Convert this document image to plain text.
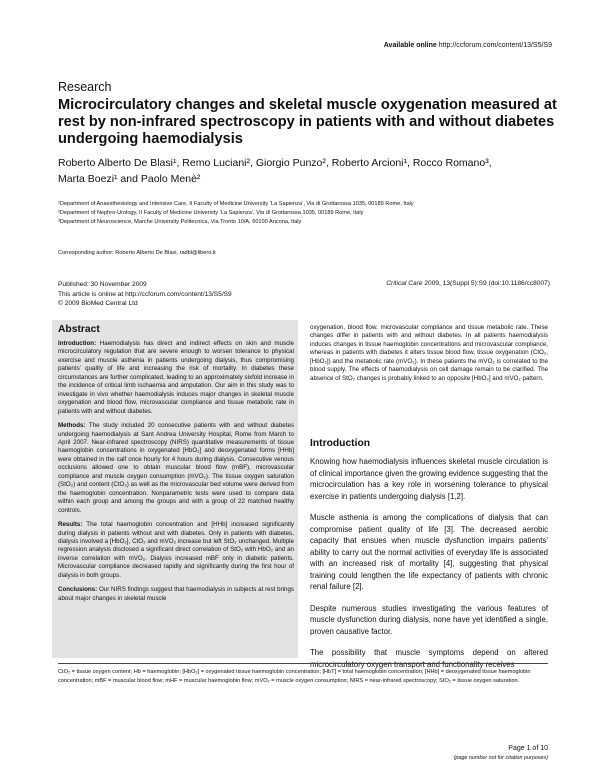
Available online http://ccforum.com/content/13/S5/S9
Research
Microcirculatory changes and skeletal muscle oxygenation measured at rest by non-infrared spectroscopy in patients with and without diabetes undergoing haemodialysis
Roberto Alberto De Blasi¹, Remo Luciani², Giorgio Punzo², Roberto Arcioni¹, Rocco Romano³,
Marta Boezi¹ and Paolo Menè²
¹Department of Anaesthesiology and Intensive Care, II Faculty of Medicine University ‘La Sapienza’, Via di Grottarossa 1035, 00189 Rome, Italy
²Department of Nephro-Urology, II Faculty of Medicine University ‘La Sapienza’, Via di Grottarossa 1035, 00189 Rome, Italy
³Department of Neuroscience, Marche University Politecnica, Via Tronto 10/A, 60100 Ancona, Italy
Corresponding author: Roberto Alberto De Blasi, radbl@libero.it
Published: 30 November 2009
This article is online at http://ccforum.com/content/13/S5/S9
© 2009 BioMed Central Ltd
Critical Care 2009, 13(Suppl 5):S9 (doi:10.1186/cc8007)
Abstract

Introduction: Haemodialysis has direct and indirect effects on skin and muscle microcirculatory regulation that are severe enough to worsen tolerance to physical exercise and muscle asthenia in patients undergoing dialysis, thus compromising patients’ quality of life and increasing the risk of mortality. In diabetes these circumstances are further complicated, leading to an approximately sixfold increase in the incidence of critical limb ischaemia and amputation. Our aim in this study was to investigate in vivo whether haemodialysis induces major changes in skeletal muscle oxygenation and blood flow, microvascular compliance and tissue metabolic rate in patients with and without diabetes.

Methods: The study included 20 consecutive patients with and without diabetes undergoing haemodialysis at Sant Andrea University Hospital, Rome from March to April 2007. Near-infrared spectroscopy (NIRS) quantitative measurements of tissue haemoglobin concentrations in oxygenated [HbO₂] and deoxygenated forms [HHb] were obtained in the calf once hourly for 4 hours during dialysis. Consecutive venous occlusions allowed one to obtain muscular blood flow (mBF), microvascular compliance and muscle oxygen consumption (mVO₂). The tissue oxygen saturation (StO₂) and content (CtO₂) as well as the microvascular bed volume were derived from the haemoglobin concentration. Nonparametric tests were used to compare data within each group and among the groups and with a group of 22 matched healthy controls.

Results: The total haemoglobin concentration and [HHb] increased significantly during dialysis in patients without and with diabetes. Only in patients with diabetes, dialysis involved a [HbO₂], CtO₂ and mVO₂ increase but left StO₂ unchanged. Multiple regression analysis disclosed a significant direct correlation of StO₂ with HbO₂ and an inverse correlation with mVO₂. Dialysis increased mBF only in diabetic patients. Microvascular compliance decreased rapidly and significantly during the first hour of dialysis in both groups.

Conclusions: Our NIRS findings suggest that haemodialysis in subjects at rest brings about major changes in skeletal muscle

oxygenation, blood flow, microvascular compliance and tissue metabolic rate. These changes differ in patients with and without diabetes. In all patients haemodialysis induces changes in tissue haemoglobin concentrations and microvascular compliance, whereas in patients with diabetes it alters tissue blood flow, tissue oxygenation (CtO₂, [HbO₂]) and the metabolic rate (mVO₂). In these patients the mVO₂ is correlated to the blood supply. The effects of haemodialysis on cell damage remain to be clarified. The absence of StO₂ changes is probably linked to an opposite [HbO₂] and mVO₂ pattern.
Introduction

Knowing how haemodialysis influences skeletal muscle circulation is of clinical importance given the growing evidence suggesting that the microcirculation has a key role in worsening tolerance to physical exercise in patients undergoing dialysis [1,2].

Muscle asthenia is among the complications of dialysis that can compromise patient quality of life [3]. The decreased aerobic capacity that ensues when muscle dysfunction impairs patients’ ability to carry out the normal activities of everyday life is associated with an increased risk of mortality [4], suggesting that physical training could lengthen the life expectancy of patients with chronic renal failure [2].

Despite numerous studies investigating the various features of muscle dysfunction during dialysis, none have yet identified a single, proven causative factor.

The possibility that muscle symptoms depend on altered microcirculatory oxygen transport and functionality receives

CtO₂ = tissue oxygen content; Hb = haemoglobin; [HbO₂] = oxygenated tissue haemoglobin concentration; [HbT] = total haemoglobin concentration; [HHb] = deoxygenated tissue haemoglobin concentration; mBF = muscular blood flow; mHF = muscular haemoglobin flow; mVO₂ = muscle oxygen consumption; NIRS = near-infrared spectroscopy; StO₂ = tissue oxygen saturation.
Page 1 of 10
(page number not for citation purposes)
